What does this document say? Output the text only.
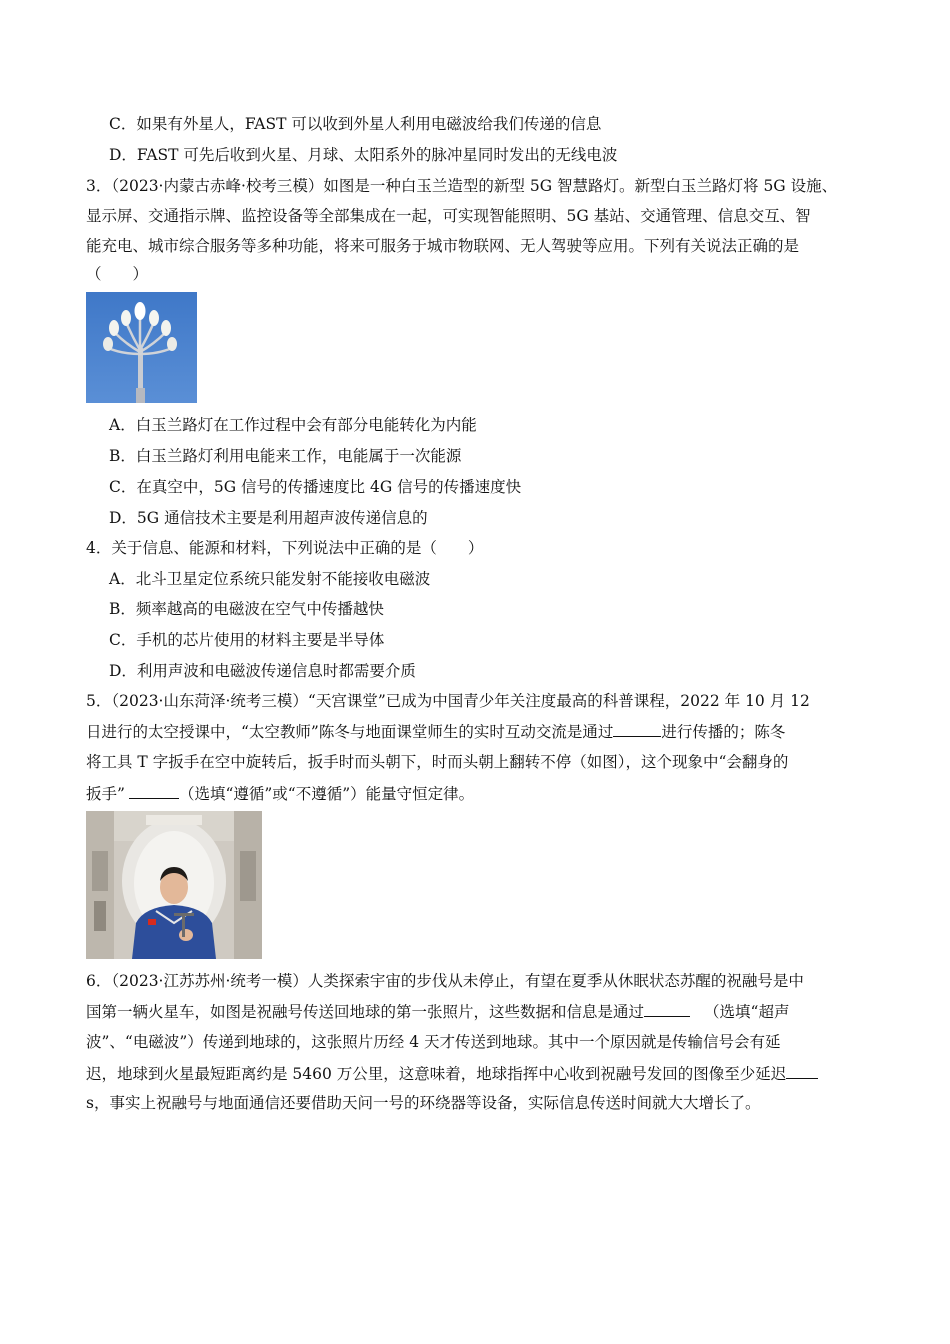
C．如果有外星人，FAST 可以收到外星人利用电磁波给我们传递的信息
D．FAST 可先后收到火星、月球、太阳系外的脉冲星同时发出的无线电波
3．（2023·内蒙古赤峰·校考三模）如图是一种白玉兰造型的新型 5G 智慧路灯。新型白玉兰路灯将 5G 设施、
显示屏、交通指示牌、监控设备等全部集成在一起，可实现智能照明、5G 基站、交通管理、信息交互、智
能充电、城市综合服务等多种功能，将来可服务于城市物联网、无人驾驶等应用。下列有关说法正确的是
（　　）
A．白玉兰路灯在工作过程中会有部分电能转化为内能
B．白玉兰路灯利用电能来工作，电能属于一次能源
C．在真空中，5G 信号的传播速度比 4G 信号的传播速度快
D．5G 通信技术主要是利用超声波传递信息的
4．关于信息、能源和材料，下列说法中正确的是（　　）
A．北斗卫星定位系统只能发射不能接收电磁波
B．频率越高的电磁波在空气中传播越快
C．手机的芯片使用的材料主要是半导体
D．利用声波和电磁波传递信息时都需要介质
5．（2023·山东菏泽·统考三模）“天宫课堂”已成为中国青少年关注度最高的科普课程，2022 年 10 月 12
日进行的太空授课中，“太空教师”陈冬与地面课堂师生的实时互动交流是通过	进行传播的；陈冬
将工具 T 字扳手在空中旋转后，扳手时而头朝下，时而头朝上翻转不停（如图），这个现象中“会翻身的
扳手”	（选填“遵循”或“不遵循”）能量守恒定律。
6．（2023·江苏苏州·统考一模）人类探索宇宙的步伐从未停止，有望在夏季从休眠状态苏醒的祝融号是中
国第一辆火星车，如图是祝融号传送回地球的第一张照片，这些数据和信息是通过	（选填“超声
波”、“电磁波”）传递到地球的，这张照片历经 4 天才传送到地球。其中一个原因就是传输信号会有延
迟，地球到火星最短距离约是 5460 万公里，这意味着，地球指挥中心收到祝融号发回的图像至少延迟
s，事实上祝融号与地面通信还要借助天问一号的环绕器等设备，实际信息传送时间就大大增长了。
